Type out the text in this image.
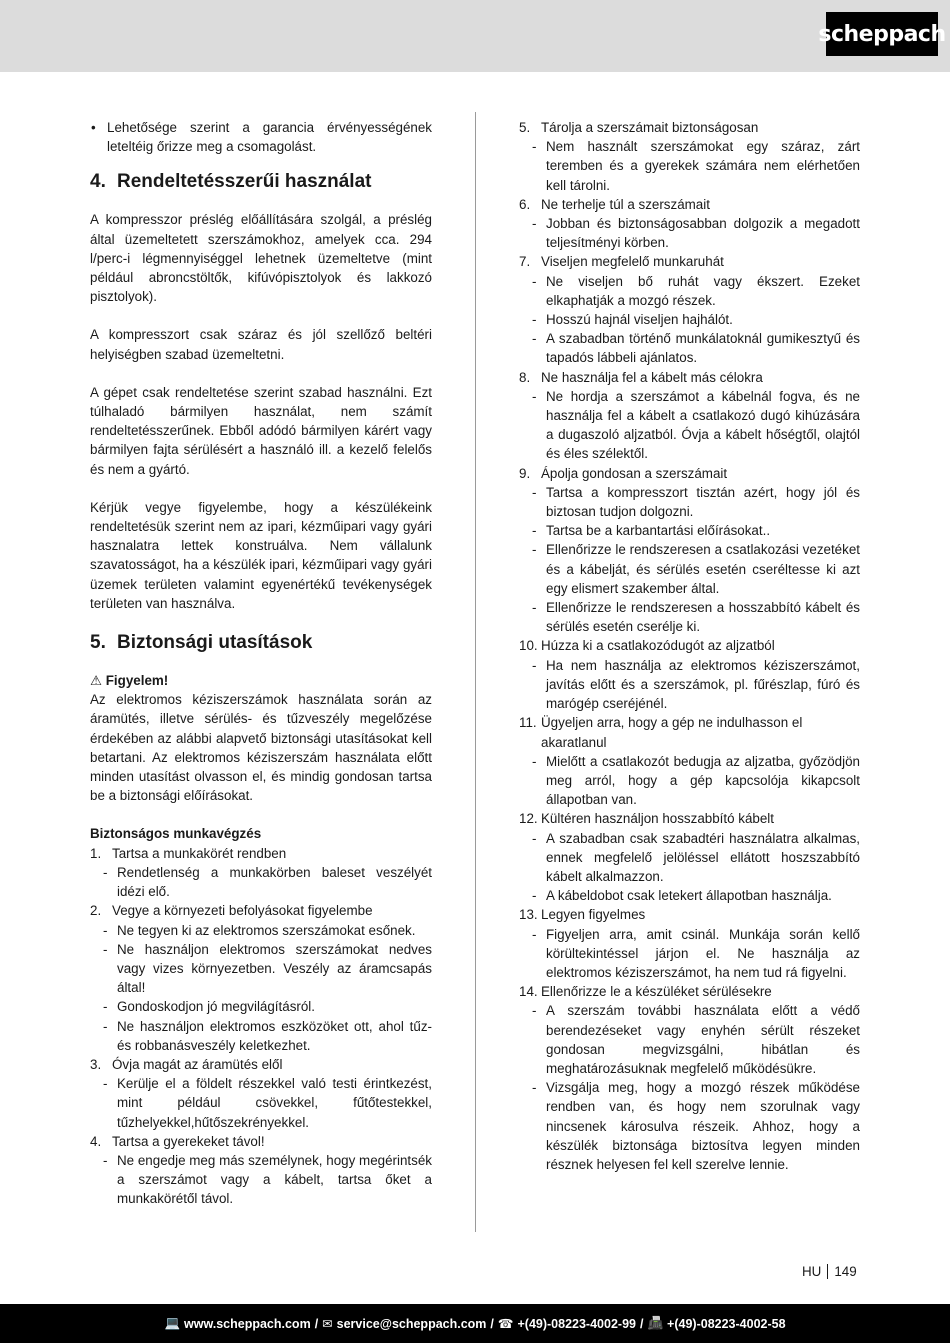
scheppach
• Lehetősége szerint a garancia érvényességének leteltéig őrizze meg a csomagolást.
4. Rendeltetésszerűi használat

A kompresszor préslég előállítására szolgál, a préslég által üzemeltetett szerszámokhoz, amelyek cca. 294 l/perc-i légmennyiséggel lehetnek üzemeltetve (mint például abroncstöltők, kifúvópisztolyok és lakkozó pisztolyok).

A kompresszort csak száraz és jól szellőző beltéri helyiségben szabad üzemeltetni.

A gépet csak rendeltetése szerint szabad használni. Ezt túlhaladó bármilyen használat, nem számít rendeltetésszerűnek. Ebből adódó bármilyen kárért vagy bármilyen fajta sérülésért a használó ill. a kezelő felelős és nem a gyártó.

Kérjük vegye figyelembe, hogy a készülékeink rendeltetésük szerint nem az ipari, kézműipari vagy gyári hasznalatra lettek konstruálva. Nem vállalunk szavatosságot, ha a készülék ipari, kézműipari vagy gyári üzemek területen valamint egyenértékű tevékenységek területen van használva.

5. Biztonsági utasítások
⚠ Figyelem!

Az elektromos kéziszerszámok használata során az áramütés, illetve sérülés- és tűzveszély megelőzése érdekében az alábbi alapvető biztonsági utasításokat kell betartani. Az elektromos kéziszerszám használata előtt minden utasítást olvasson el, és mindig gondosan tartsa be a biztonsági előírásokat.

Biztonságos munkavégzés
1. Tartsa a munkakörét rendben
- Rendetlenség a munkakörben baleset veszélyét idézi elő.
2. Vegye a környezeti befolyásokat figyelembe
- Ne tegyen ki az elektromos szerszámokat esőnek.
- Ne használjon elektromos szerszámokat nedves vagy vizes környezetben. Veszély az áramcsapás által!
- Gondoskodjon jó megvilágításról.
- Ne használjon elektromos eszközöket ott, ahol tűz- és robbanásveszély keletkezhet.
3. Óvja magát az áramütés elől
- Kerülje el a földelt részekkel való testi érintkezést, mint például csövekkel, fűtőtestekkel, tűzhelyekkel,hűtőszekrényekkel.
4. Tartsa a gyerekeket távol!
- Ne engedje meg más személynek, hogy megérintsék a szerszámot vagy a kábelt, tartsa őket a munkakörétől távol.
5. Tárolja a szerszámait biztonságosan
- Nem használt szerszámokat egy száraz, zárt teremben és a gyerekek számára nem elérhetően kell tárolni.
6. Ne terhelje túl a szerszámait
- Jobban és biztonságosabban dolgozik a megadott teljesítményi körben.
7. Viseljen megfelelő munkaruhát
- Ne viseljen bő ruhát vagy ékszert. Ezeket elkaphatják a mozgó részek.
- Hosszú hajnál viseljen hajhálót.
- A szabadban történő munkálatoknál gumikesztyű és tapadós lábbeli ajánlatos.
8. Ne használja fel a kábelt más célokra
- Ne hordja a szerszámot a kábelnál fogva, és ne használja fel a kábelt a csatlakozó dugó kihúzására a dugaszoló aljzatból. Óvja a kábelt hőségtől, olajtól és éles szélektől.
9. Ápolja gondosan a szerszámait
- Tartsa a kompresszort tisztán azért, hogy jól és biztosan tudjon dolgozni.
- Tartsa be a karbantartási előírásokat..
- Ellenőrizze le rendszeresen a csatlakozási vezetéket és a kábelját, és sérülés esetén cseréltesse ki azt egy elismert szakember által.
- Ellenőrizze le rendszeresen a hosszabbító kábelt és sérülés esetén cserélje ki.
10. Húzza ki a csatlakozódugót az aljzatból
- Ha nem használja az elektromos kéziszerszámot, javítás előtt és a szerszámok, pl. fűrészlap, fúró és marógép cseréjénél.
11. Ügyeljen arra, hogy a gép ne indulhasson el akaratlanul
- Mielőtt a csatlakozót bedugja az aljzatba, győzödjön meg arról, hogy a gép kapcsolója kikapcsolt állapotban van.
12. Kültéren használjon hosszabbító kábelt
- A szabadban csak szabadtéri használatra alkalmas, ennek megfelelő jelöléssel ellátott hoszszabbító kábelt alkalmazzon.
- A kábeldobot csak letekert állapotban használja.
13. Legyen figyelmes
- Figyeljen arra, amit csinál. Munkája során kellő körültekintéssel járjon el. Ne használja az elektromos kéziszerszámot, ha nem tud rá figyelni.
14. Ellenőrizze le a készüléket sérülésekre
- A szerszám további használata előtt a védő berendezéseket vagy enyhén sérült részeket gondosan megvizsgálni, hibátlan és meghatározásuknak megfelelő működésükre.
- Vizsgálja meg, hogy a mozgó részek működése rendben van, és hogy nem szorulnak vagy nincsenek károsulva részeik. Ahhoz, hogy a készülék biztonsága biztosítva legyen minden résznek helyesen fel kell szerelve lennie.
HU 149
💻 www.scheppach.com / ✉ service@scheppach.com / ☎ +(49)-08223-4002-99 / 📠 +(49)-08223-4002-58
